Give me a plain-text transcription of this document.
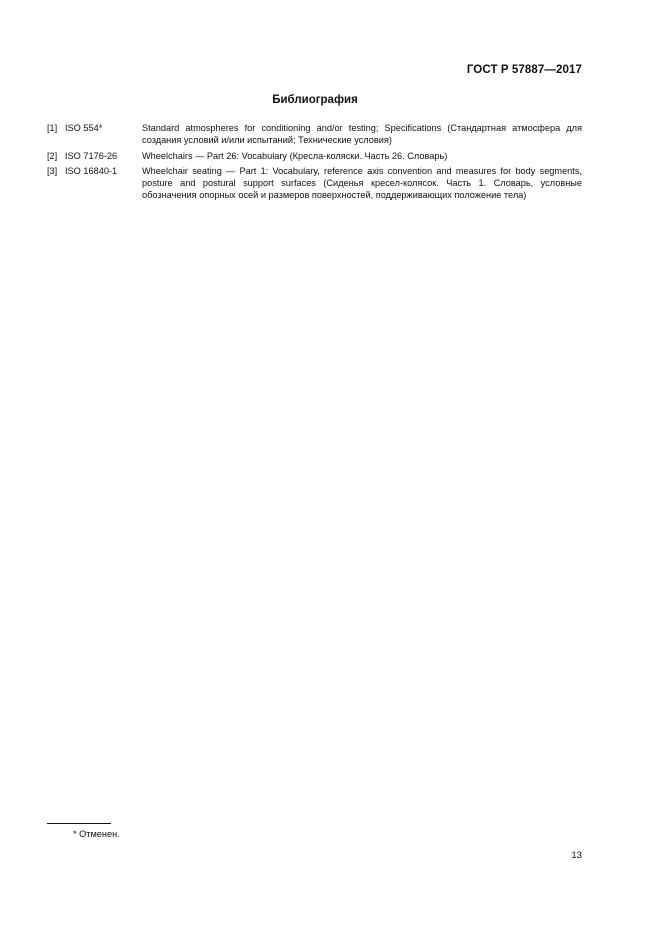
ГОСТ Р 57887—2017
Библиография
[1] ISO 554*	Standard atmospheres for conditioning and/or testing; Specifications (Стандартная атмосфера для создания условий и/или испытаний; Технические условия)
[2] ISO 7176-26	Wheelchairs — Part 26: Vocabulary (Кресла-коляски. Часть 26. Словарь)
[3] ISO 16840-1	Wheelchair seating — Part 1: Vocabulary, reference axis convention and measures for body segments, posture and postural support surfaces (Сиденья кресел-колясок. Часть 1. Словарь, условные обозначения опорных осей и размеров поверхностей, поддерживающих положение тела)
* Отменен.
13
